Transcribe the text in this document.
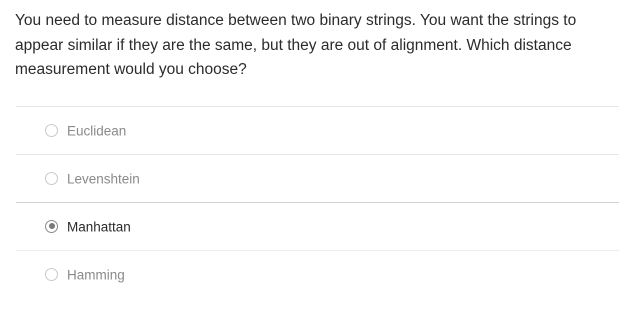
You need to measure distance between two binary strings. You want the strings to appear similar if they are the same, but they are out of alignment. Which distance measurement would you choose?

Euclidean
Levenshtein
Manhattan
Hamming
